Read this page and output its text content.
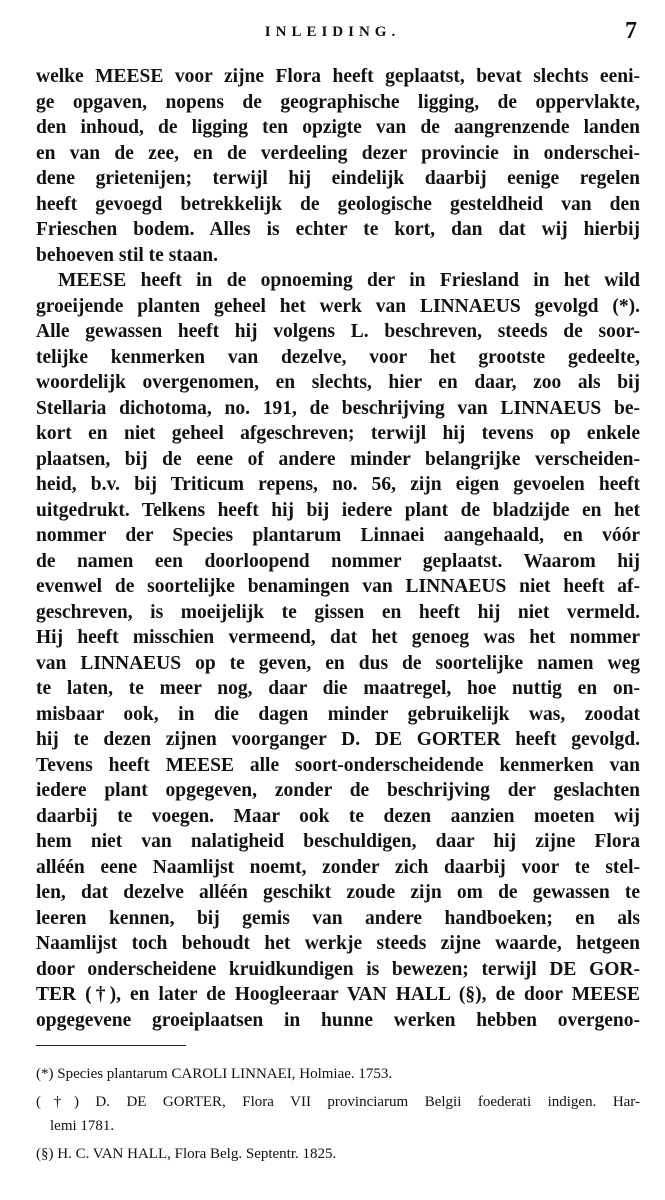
INLEIDING.	7
welke MEESE voor zijne Flora heeft geplaatst, bevat slechts eeni-
ge opgaven, nopens de geographische ligging, de oppervlakte,
den inhoud, de ligging ten opzigte van de aangrenzende landen
en van de zee, en de verdeeling dezer provincie in onderschei-
dene grietenijen; terwijl hij eindelijk daarbij eenige regelen
heeft gevoegd betrekkelijk de geologische gesteldheid van den
Frieschen bodem. Alles is echter te kort, dan dat wij hierbij
behoeven stil te staan.
MEESE heeft in de opnoeming der in Friesland in het wild
groeijende planten geheel het werk van LINNAEUS gevolgd (*).
Alle gewassen heeft hij volgens L. beschreven, steeds de soor-
telijke kenmerken van dezelve, voor het grootste gedeelte,
woordelijk overgenomen, en slechts, hier en daar, zoo als bij
Stellaria dichotoma, no. 191, de beschrijving van LINNAEUS be-
kort en niet geheel afgeschreven; terwijl hij tevens op enkele
plaatsen, bij de eene of andere minder belangrijke verscheiden-
heid, b.v. bij Triticum repens, no. 56, zijn eigen gevoelen heeft
uitgedrukt. Telkens heeft hij bij iedere plant de bladzijde en het
nommer der Species plantarum Linnaei aangehaald, en vóór
de namen een doorloopend nommer geplaatst. Waarom hij
evenwel de soortelijke benamingen van LINNAEUS niet heeft af-
geschreven, is moeijelijk te gissen en heeft hij niet vermeld.
Hij heeft misschien vermeend, dat het genoeg was het nommer
van LINNAEUS op te geven, en dus de soortelijke namen weg
te laten, te meer nog, daar die maatregel, hoe nuttig en on-
misbaar ook, in die dagen minder gebruikelijk was, zoodat
hij te dezen zijnen voorganger D. DE GORTER heeft gevolgd.
Tevens heeft MEESE alle soort-onderscheidende kenmerken van
iedere plant opgegeven, zonder de beschrijving der geslachten
daarbij te voegen. Maar ook te dezen aanzien moeten wij
hem niet van nalatigheid beschuldigen, daar hij zijne Flora
alléén eene Naamlijst noemt, zonder zich daarbij voor te stel-
len, dat dezelve alléén geschikt zoude zijn om de gewassen te
leeren kennen, bij gemis van andere handboeken; en als
Naamlijst toch behoudt het werkje steeds zijne waarde, hetgeen
door onderscheidene kruidkundigen is bewezen; terwijl DE GOR-
TER (†), en later de Hoogleeraar VAN HALL (§), de door MEESE
opgegevene groeiplaatsen in hunne werken hebben overgeno-
(*) Species plantarum CAROLI LINNAEI, Holmiae. 1753.
(†) D. DE GORTER, Flora VII provinciarum Belgii foederati indigen. Har-
lemi 1781.
(§) H. C. VAN HALL, Flora Belg. Septentr. 1825.
